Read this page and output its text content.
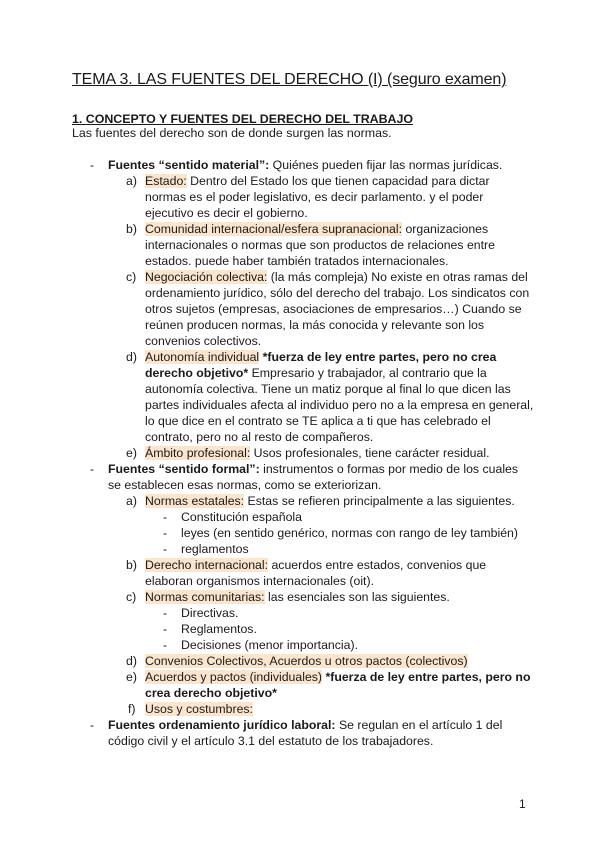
TEMA 3. LAS FUENTES DEL DERECHO (I) (seguro examen)
1. CONCEPTO Y FUENTES DEL DERECHO DEL TRABAJO
Las fuentes del derecho son de donde surgen las normas.
- Fuentes “sentido material”: Quiénes pueden fijar las normas jurídicas.
a) Estado: Dentro del Estado los que tienen capacidad para dictar
normas es el poder legislativo, es decir parlamento. y el poder
ejecutivo es decir el gobierno.
b) Comunidad internacional/esfera supranacional: organizaciones
internacionales o normas que son productos de relaciones entre
estados. puede haber también tratados internacionales.
c) Negociación colectiva: (la más compleja) No existe en otras ramas del
ordenamiento jurídico, sólo del derecho del trabajo. Los sindicatos con
otros sujetos (empresas, asociaciones de empresarios…) Cuando se
reúnen producen normas, la más conocida y relevante son los
convenios colectivos.
d) Autonomía individual *fuerza de ley entre partes, pero no crea
derecho objetivo* Empresario y trabajador, al contrario que la
autonomía colectiva. Tiene un matiz porque al final lo que dicen las
partes individuales afecta al individuo pero no a la empresa en general,
lo que dice en el contrato se TE aplica a ti que has celebrado el
contrato, pero no al resto de compañeros.
e) Ámbito profesional: Usos profesionales, tiene carácter residual.
- Fuentes “sentido formal”: instrumentos o formas por medio de los cuales
se establecen esas normas, como se exteriorizan.
a) Normas estatales: Estas se refieren principalmente a las siguientes.
- Constitución española
- leyes (en sentido genérico, normas con rango de ley también)
- reglamentos
b) Derecho internacional: acuerdos entre estados, convenios que
elaboran organismos internacionales (oit).
c) Normas comunitarias: las esenciales son las siguientes.
- Directivas.
- Reglamentos.
- Decisiones (menor importancia).
d) Convenios Colectivos, Acuerdos u otros pactos (colectivos)
e) Acuerdos y pactos (individuales) *fuerza de ley entre partes, pero no
crea derecho objetivo*
f) Usos y costumbres:
- Fuentes ordenamiento jurídico laboral: Se regulan en el artículo 1 del
código civil y el artículo 3.1 del estatuto de los trabajadores.
1
